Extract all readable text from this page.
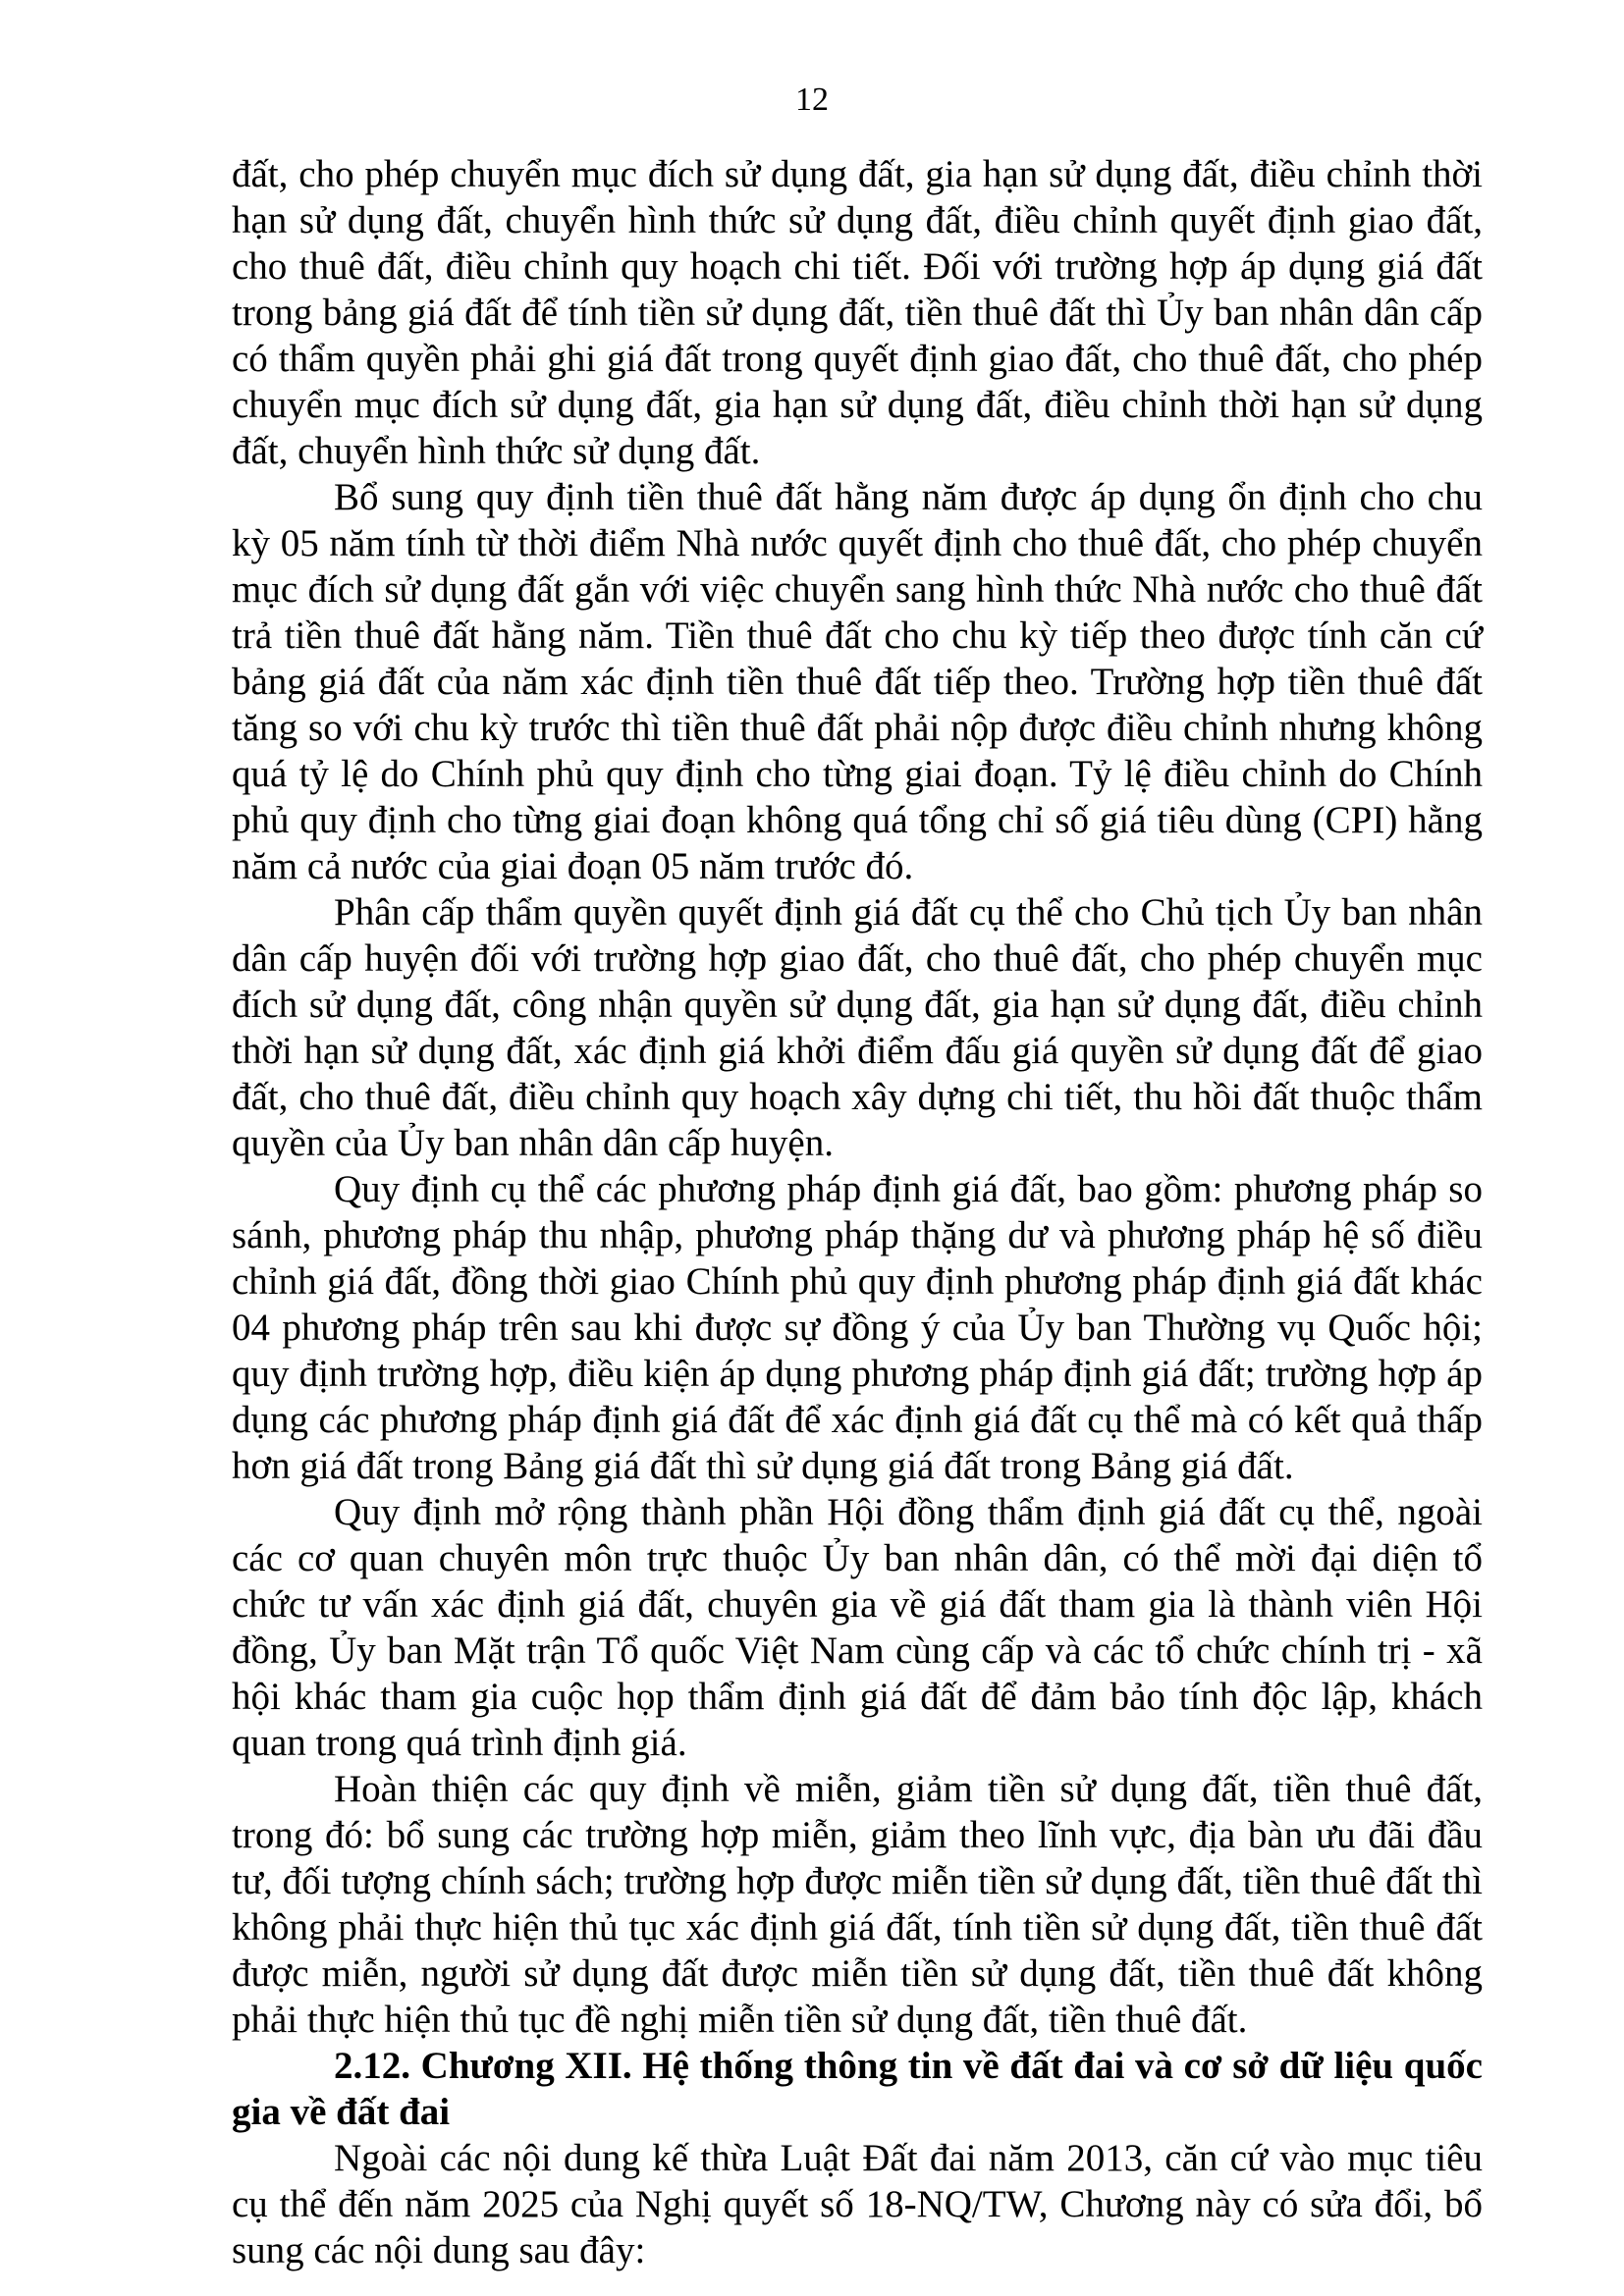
12

đất, cho phép chuyển mục đích sử dụng đất, gia hạn sử dụng đất, điều chỉnh thời hạn sử dụng đất, chuyển hình thức sử dụng đất, điều chỉnh quyết định giao đất, cho thuê đất, điều chỉnh quy hoạch chi tiết. Đối với trường hợp áp dụng giá đất trong bảng giá đất để tính tiền sử dụng đất, tiền thuê đất thì Ủy ban nhân dân cấp có thẩm quyền phải ghi giá đất trong quyết định giao đất, cho thuê đất, cho phép chuyển mục đích sử dụng đất, gia hạn sử dụng đất, điều chỉnh thời hạn sử dụng đất, chuyển hình thức sử dụng đất.

Bổ sung quy định tiền thuê đất hằng năm được áp dụng ổn định cho chu kỳ 05 năm tính từ thời điểm Nhà nước quyết định cho thuê đất, cho phép chuyển mục đích sử dụng đất gắn với việc chuyển sang hình thức Nhà nước cho thuê đất trả tiền thuê đất hằng năm. Tiền thuê đất cho chu kỳ tiếp theo được tính căn cứ bảng giá đất của năm xác định tiền thuê đất tiếp theo. Trường hợp tiền thuê đất tăng so với chu kỳ trước thì tiền thuê đất phải nộp được điều chỉnh nhưng không quá tỷ lệ do Chính phủ quy định cho từng giai đoạn. Tỷ lệ điều chỉnh do Chính phủ quy định cho từng giai đoạn không quá tổng chỉ số giá tiêu dùng (CPI) hằng năm cả nước của giai đoạn 05 năm trước đó.

Phân cấp thẩm quyền quyết định giá đất cụ thể cho Chủ tịch Ủy ban nhân dân cấp huyện đối với trường hợp giao đất, cho thuê đất, cho phép chuyển mục đích sử dụng đất, công nhận quyền sử dụng đất, gia hạn sử dụng đất, điều chỉnh thời hạn sử dụng đất, xác định giá khởi điểm đấu giá quyền sử dụng đất để giao đất, cho thuê đất, điều chỉnh quy hoạch xây dựng chi tiết, thu hồi đất thuộc thẩm quyền của Ủy ban nhân dân cấp huyện.

Quy định cụ thể các phương pháp định giá đất, bao gồm: phương pháp so sánh, phương pháp thu nhập, phương pháp thặng dư và phương pháp hệ số điều chỉnh giá đất, đồng thời giao Chính phủ quy định phương pháp định giá đất khác 04 phương pháp trên sau khi được sự đồng ý của Ủy ban Thường vụ Quốc hội; quy định trường hợp, điều kiện áp dụng phương pháp định giá đất; trường hợp áp dụng các phương pháp định giá đất để xác định giá đất cụ thể mà có kết quả thấp hơn giá đất trong Bảng giá đất thì sử dụng giá đất trong Bảng giá đất.

Quy định mở rộng thành phần Hội đồng thẩm định giá đất cụ thể, ngoài các cơ quan chuyên môn trực thuộc Ủy ban nhân dân, có thể mời đại diện tổ chức tư vấn xác định giá đất, chuyên gia về giá đất tham gia là thành viên Hội đồng, Ủy ban Mặt trận Tổ quốc Việt Nam cùng cấp và các tổ chức chính trị - xã hội khác tham gia cuộc họp thẩm định giá đất để đảm bảo tính độc lập, khách quan trong quá trình định giá.

Hoàn thiện các quy định về miễn, giảm tiền sử dụng đất, tiền thuê đất, trong đó: bổ sung các trường hợp miễn, giảm theo lĩnh vực, địa bàn ưu đãi đầu tư, đối tượng chính sách; trường hợp được miễn tiền sử dụng đất, tiền thuê đất thì không phải thực hiện thủ tục xác định giá đất, tính tiền sử dụng đất, tiền thuê đất được miễn, người sử dụng đất được miễn tiền sử dụng đất, tiền thuê đất không phải thực hiện thủ tục đề nghị miễn tiền sử dụng đất, tiền thuê đất.

2.12. Chương XII. Hệ thống thông tin về đất đai và cơ sở dữ liệu quốc gia về đất đai

Ngoài các nội dung kế thừa Luật Đất đai năm 2013, căn cứ vào mục tiêu cụ thể đến năm 2025 của Nghị quyết số 18-NQ/TW, Chương này có sửa đổi, bổ sung các nội dung sau đây:
